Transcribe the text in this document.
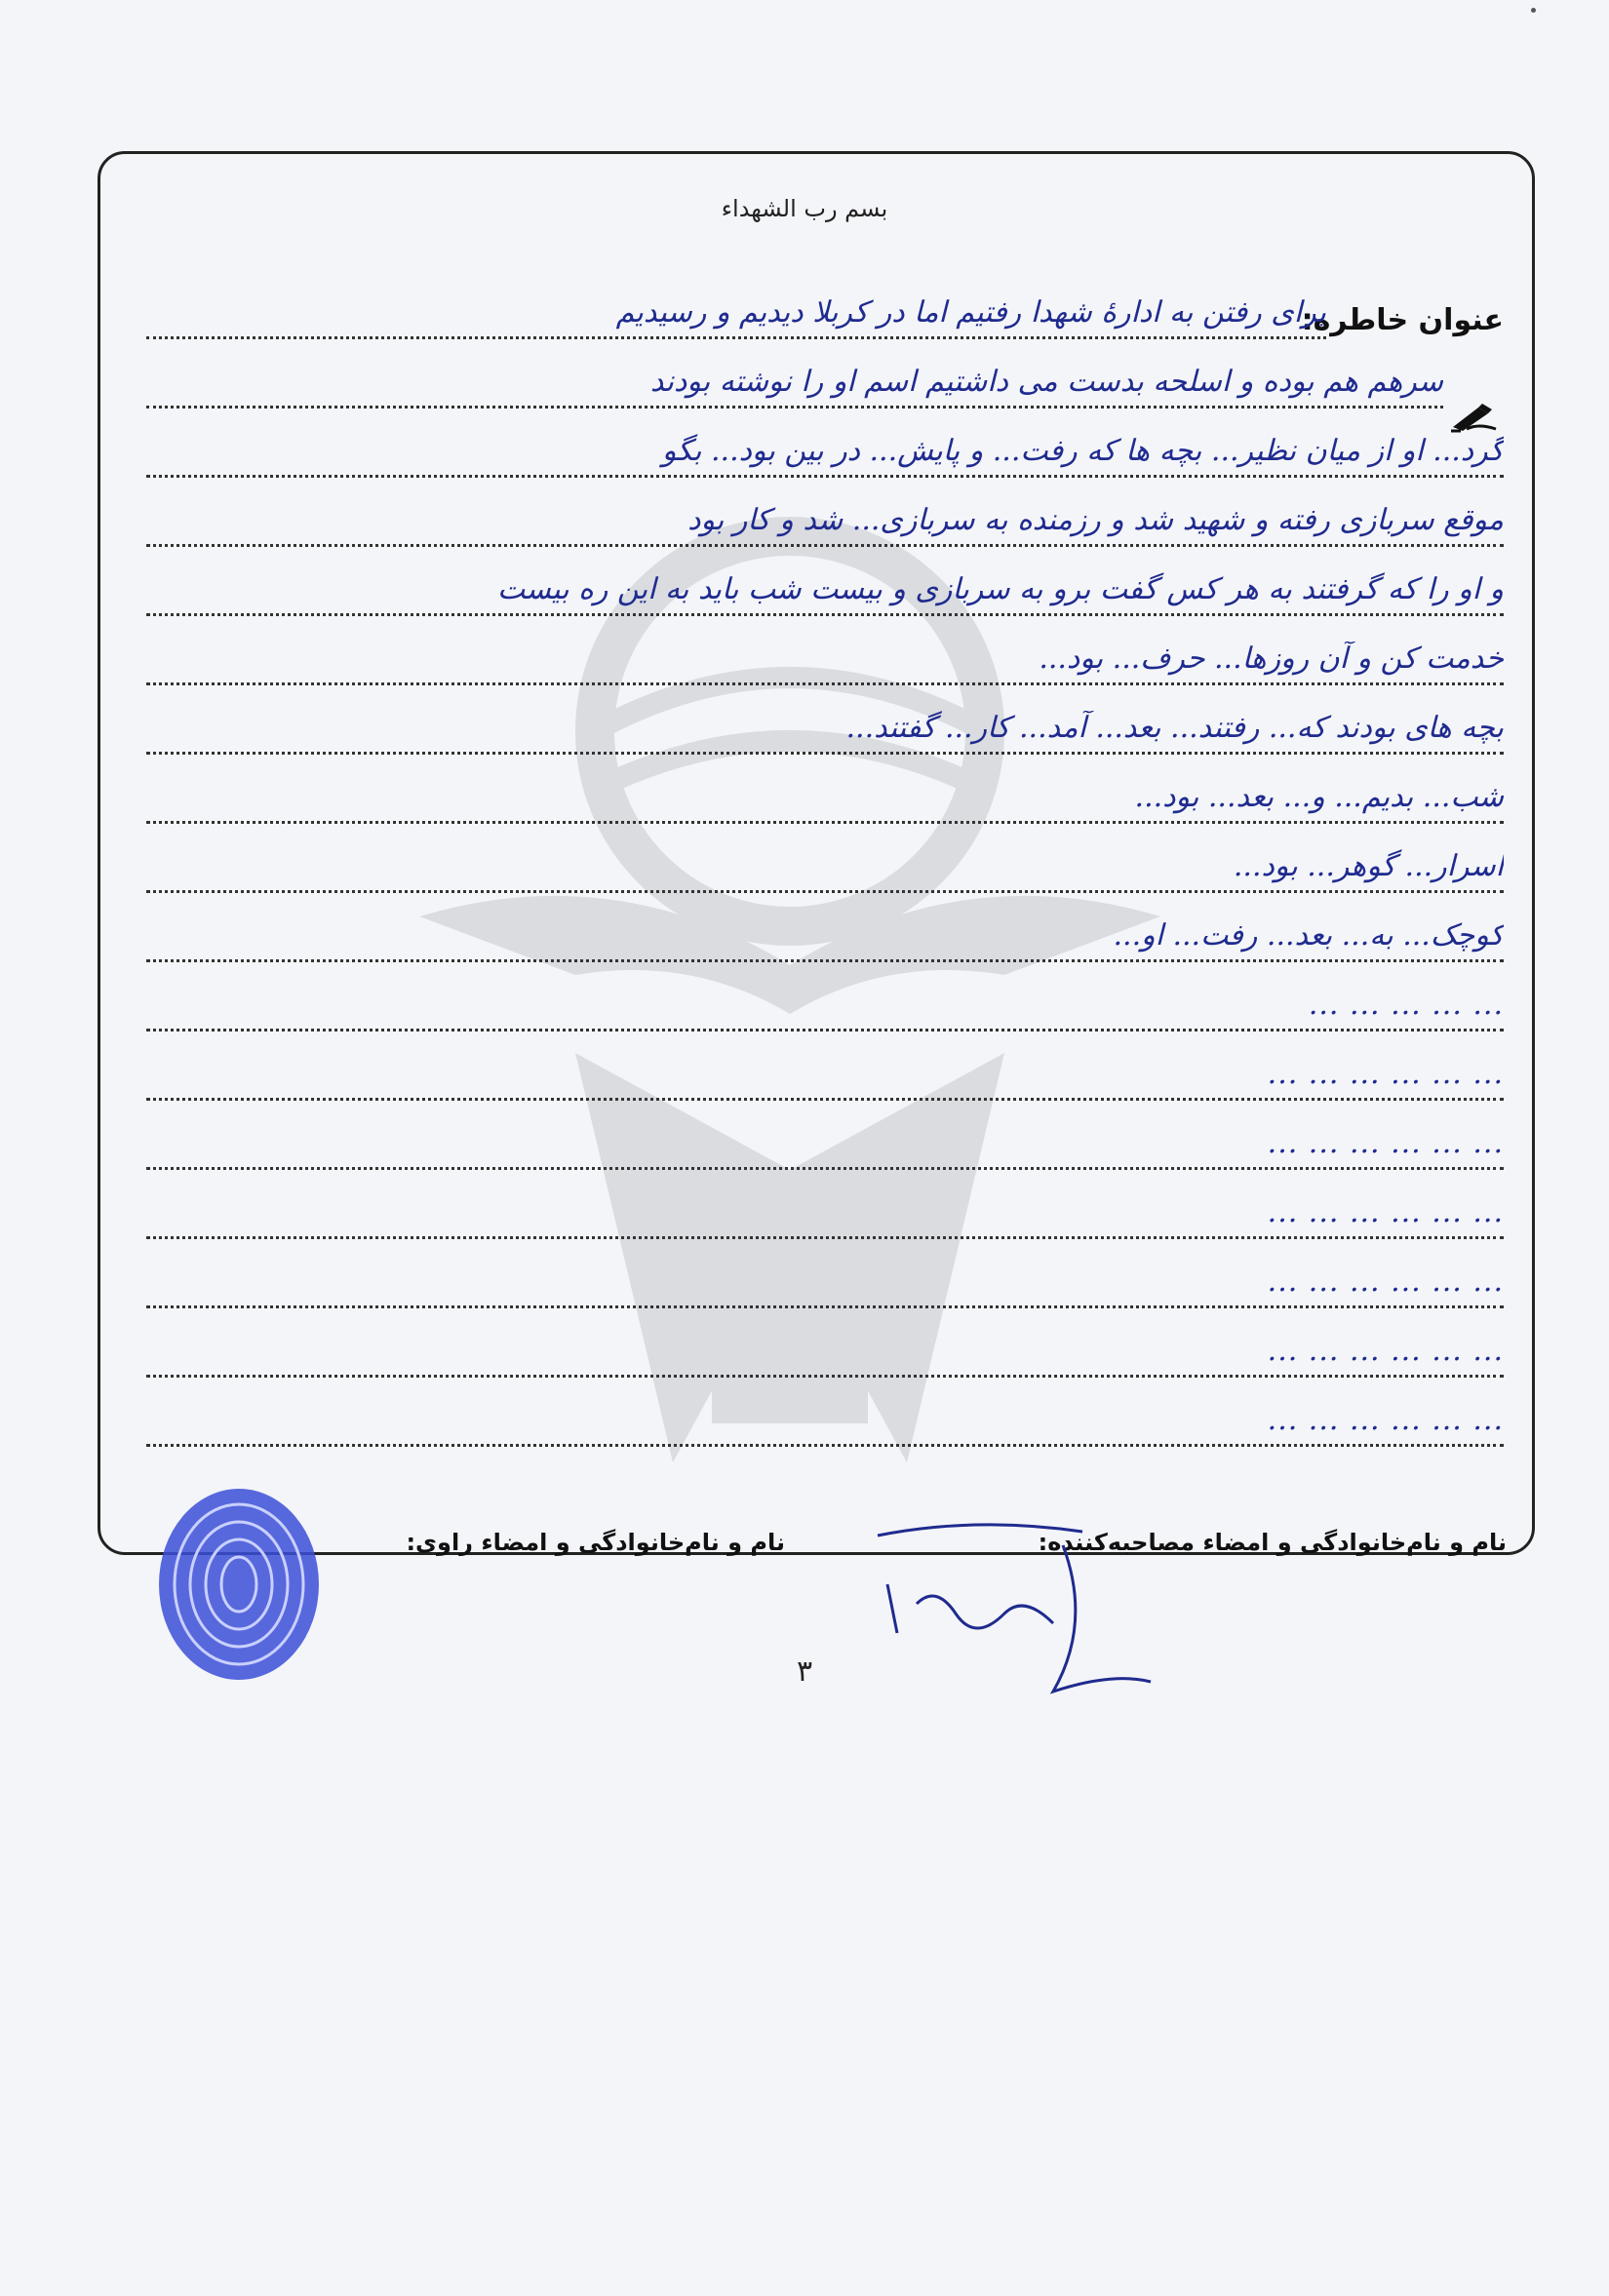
بسم رب الشهداء
عنوان خاطره:
برای رفتن به ادارهٔ شهدا رفتیم اما در کربلا دیدیم و رسیدیم
سرهم هم بوده و اسلحه بدست می داشتیم اسم او را نوشته بودند
گرد... او از میان نظیر... بچه ها که رفت... و پایش... در بین بود... بگو
موقع سربازی رفته و شهید شد و رزمنده به سربازی... شد و کار بود
و او را که گرفتند به هر کس گفت برو به سربازی و بیست شب باید به این ره بیست
خدمت کن و آن روزها... حرف... بود...
بچه های بودند که... رفتند... بعد... آمد... کار... گفتند...
شب... بدیم... و... بعد... بود...
اسرار... گوهر... بود...
کوچک... به... بعد... رفت... او...
... ... ... ... ...
... ... ... ... ... ...
... ... ... ... ... ...
... ... ... ... ... ...
... ... ... ... ... ...
... ... ... ... ... ...
... ... ... ... ... ...
نام و نام‌خانوادگی و امضاء مصاحبه‌کننده:
نام و نام‌خانوادگی و امضاء راوی:
۳
